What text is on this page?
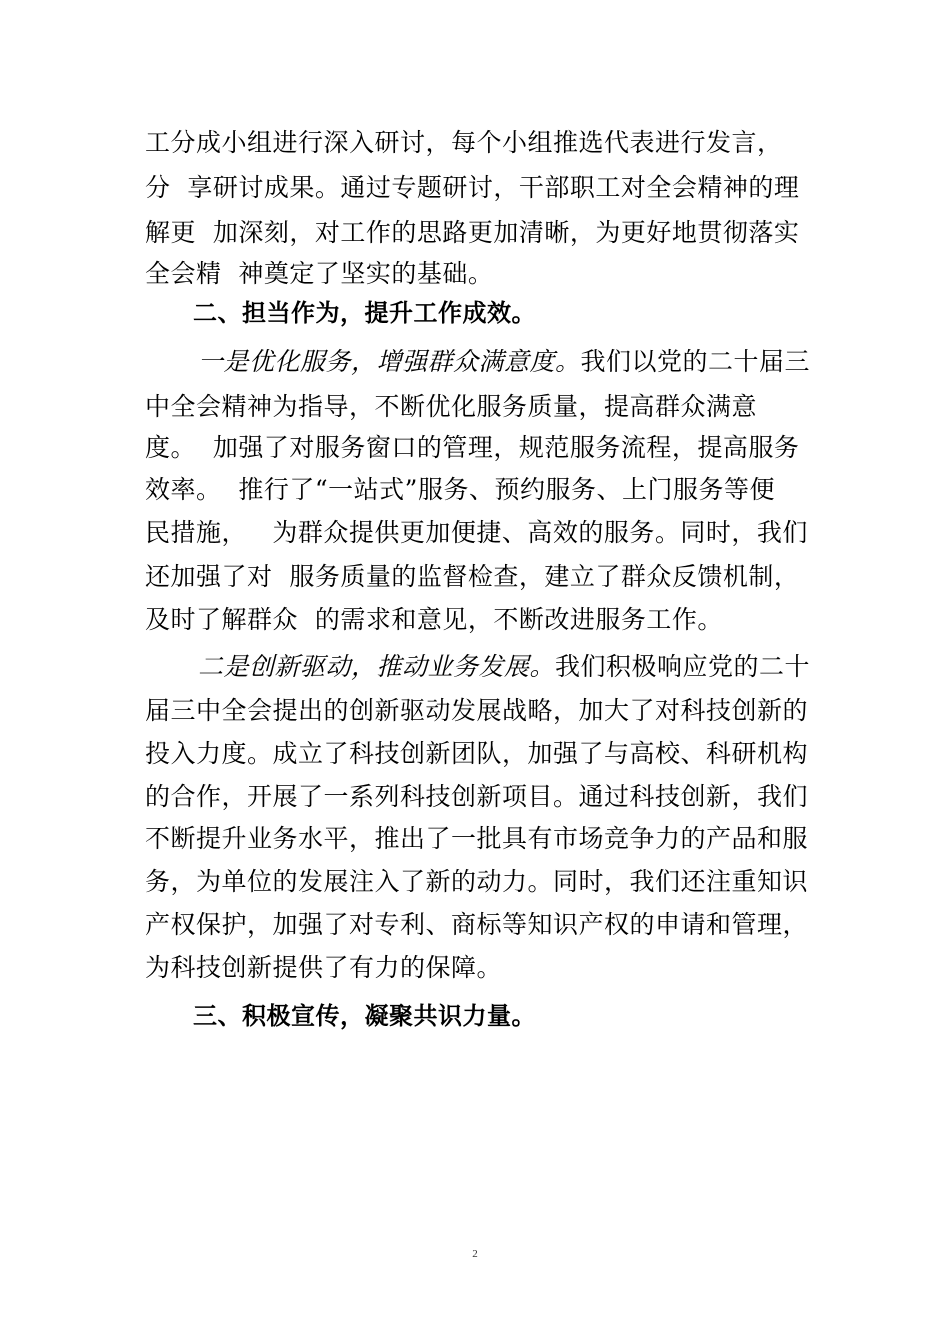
工分成小组进行深入研讨，每个小组推选代表进行发言，
分  享研讨成果。通过专题研讨，干部职工对全会精神的理
解更  加深刻，对工作的思路更加清晰，为更好地贯彻落实
全会精  神奠定了坚实的基础。
二、担当作为，提升工作成效。
一是优化服务，增强群众满意度。我们以党的二十届三
中全会精神为指导，不断优化服务质量，提高群众满意
度。  加强了对服务窗口的管理，规范服务流程，提高服务
效率。  推行了“一站式”服务、预约服务、上门服务等便
民措施，   为群众提供更加便捷、高效的服务。同时，我们
还加强了对  服务质量的监督检查，建立了群众反馈机制，
及时了解群众  的需求和意见，不断改进服务工作。
二是创新驱动，推动业务发展。我们积极响应党的二十
届三中全会提出的创新驱动发展战略，加大了对科技创新的
投入力度。成立了科技创新团队，加强了与高校、科研机构
的合作，开展了一系列科技创新项目。通过科技创新，我们
不断提升业务水平，推出了一批具有市场竞争力的产品和服
务，为单位的发展注入了新的动力。同时，我们还注重知识
产权保护，加强了对专利、商标等知识产权的申请和管理，
为科技创新提供了有力的保障。
三、积极宣传，凝聚共识力量。
2
